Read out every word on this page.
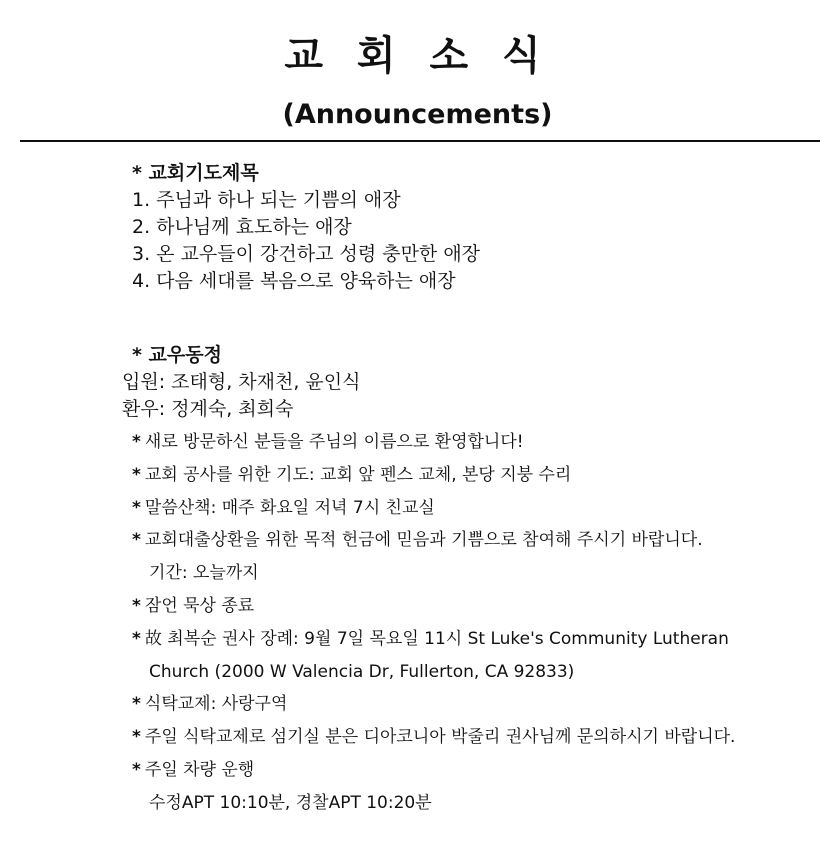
교 회 소 식
(Announcements)
* 교회기도제목
1. 주님과 하나 되는 기쁨의 애장
2. 하나님께 효도하는 애장
3. 온 교우들이 강건하고 성령 충만한 애장
4. 다음 세대를 복음으로 양육하는 애장
* 교우동정
입원: 조태형, 차재천, 윤인식
환우: 정계숙, 최희숙
* 새로 방문하신 분들을 주님의 이름으로 환영합니다!
* 교회 공사를 위한 기도: 교회 앞 펜스 교체, 본당 지붕 수리
* 말씀산책: 매주 화요일 저녁 7시 친교실
* 교회대출상환을 위한 목적 헌금에 믿음과 기쁨으로 참여해 주시기 바랍니다.
기간: 오늘까지
* 잠언 묵상 종료
* 故 최복순 권사 장례: 9월 7일 목요일 11시 St Luke's Community Lutheran
Church (2000 W Valencia Dr, Fullerton, CA 92833)
* 식탁교제: 사랑구역
* 주일 식탁교제로 섬기실 분은 디아코니아 박줄리 권사님께 문의하시기 바랍니다.
* 주일 차량 운행
수정APT 10:10분, 경찰APT 10:20분
